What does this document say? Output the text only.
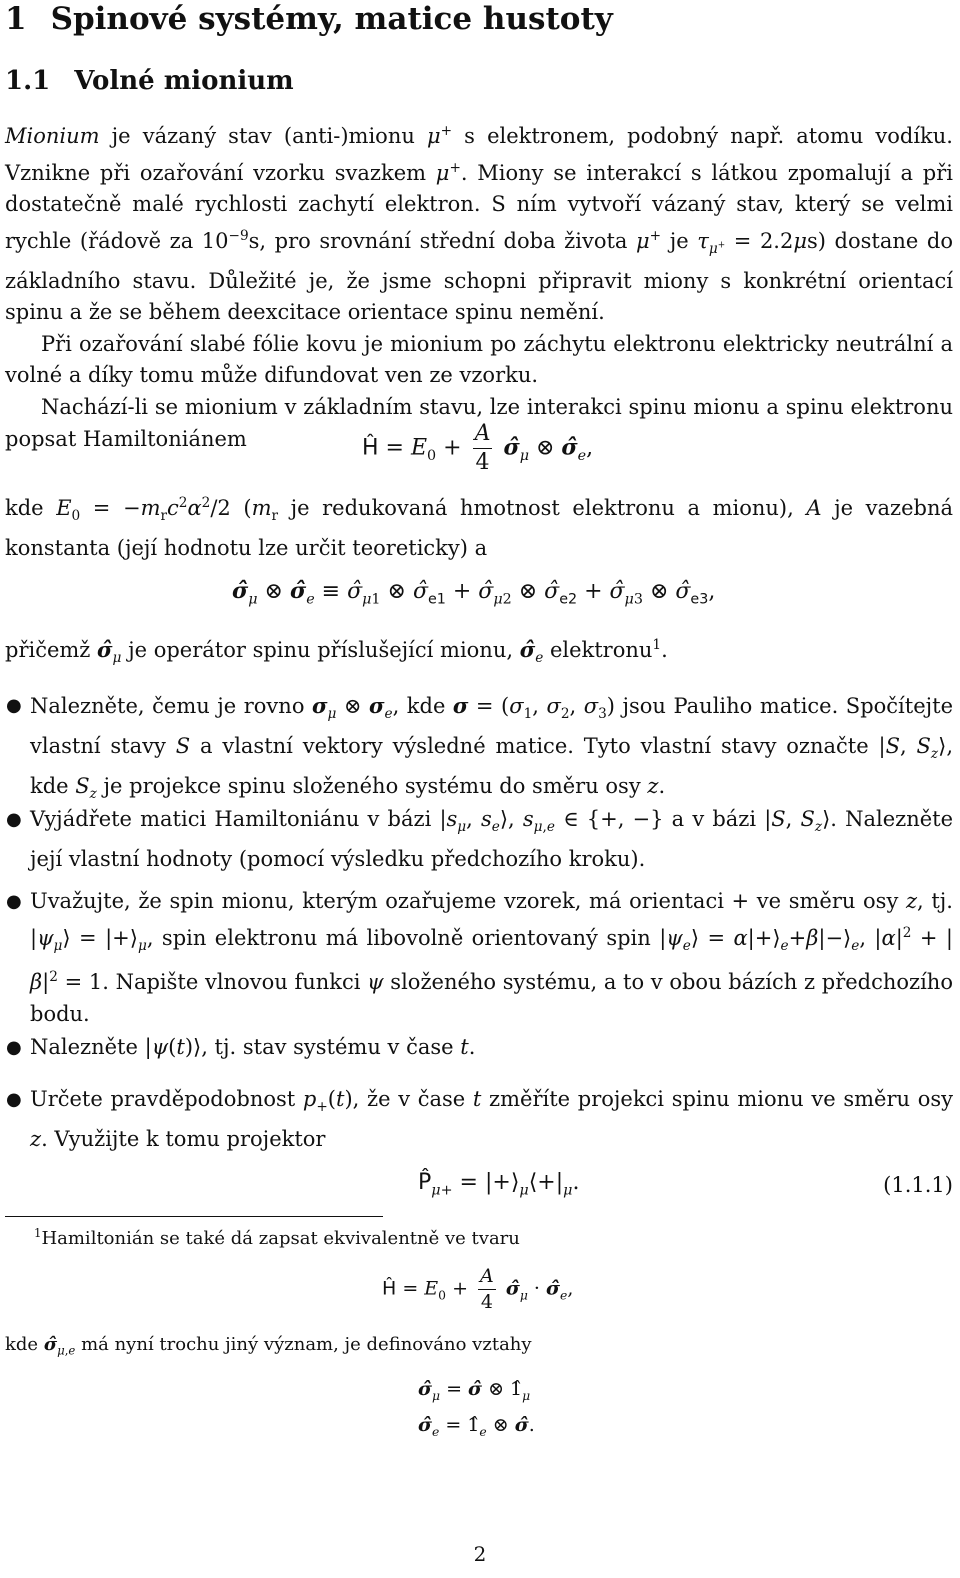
1 Spinové systémy, matice hustoty
1.1 Volné mionium

Mionium je vázaný stav (anti-)mionu μ+ s elektronem, podobný např. atomu vodíku. Vznikne při ozařování vzorku svazkem μ+. Miony se interakcí s látkou zpomalují a při dostatečně malé rychlosti zachytí elektron. S ním vytvoří vázaný stav, který se velmi rychle (řádově za $10^{-9}s$, pro srovnání střední doba života μ+ je $\tau_{\mu^+} = 2.2\mu s$) dostane do základního stavu. Důležité je, že jsme schopni připravit miony s konkrétní orientací spinu a že se během deexcitace orientace spinu nemění.

Při ozařování slabé fólie kovu je mionium po záchytu elektronu elektricky neutrální a volné a díky tomu může difundovat ven ze vzorku.

Nachází-li se mionium v základním stavu, lze interakci spinu mionu a spinu elektronu popsat Hamiltoniánem	Ĥ = $E_0 + \frac{A}{4}$ $\sigmâ_\mu$ ⊗ $\sigmâ_e$,

kde $E_0 = -m_rc^2\alpha^2/2$ ($m_r$ je redukovaná hmotnost elektronu a mionu), A je vazebná konstanta (její hodnotu lze určit teoreticky) a

$\sigmâ_\mu$ ⊗ $\sigmâ_e$ ≡ $\sigmâ_{\mu 1}$ ⊗ $\sigmâ_{e1}$ + $\sigmâ_{\mu 2}$ ⊗ $\sigmâ_{e2}$ + $\sigmâ_{\mu 3}$ ⊗ $\sigmâ_{e3}$,

přičemž $\sigmâ_\mu$ je operátor spinu příslušející mionu, $\sigmâ_e$ elektronu$^1$.

● Nalezněte, čemu je rovno $\sigma_\mu$ ⊗ $\sigma_e$, kde $\sigma = (\sigma_1$, $\sigma_2$, $\sigma_3$) jsou Pauliho matice. Spočítejte vlastní stavy S a vlastní vektory výsledné matice. Tyto vlastní stavy označte |S, $S_z⟩$, kde $S_z$ je projekce spinu složeného systému do směru osy z.
● Vyjádřete matici Hamiltoniánu v bázi $|s_\mu$, $s_e⟩$, $s_{\mu,e}$ ∈ {+, −} a v bázi |S, $S_z⟩$. Nalezněte její vlastní hodnoty (pomocí výsledku předchozího kroku).
● Uvažujte, že spin mionu, kterým ozařujeme vzorek, má orientaci + ve směru osy z, tj. $|\psi_\mu⟩$ = $|+⟩_\mu$, spin elektronu má libovolně orientovaný spin $|\psi_e⟩$ = $\alpha|+⟩_e+\beta|-⟩_e$, $|\alpha|^2 + |\beta|^2 = 1$. Napište vlnovou funkci ψ složeného systému, a to v obou bázích z předchozího bodu.
● Nalezněte |ψ(t)⟩, tj. stav systému v čase t.
● Určete pravděpodobnost $p_+(t)$, že v čase t změříte projekci spinu mionu ve směru osy z. Využijte k tomu projektor
$P̂_{\mu+}$ = $|+⟩_\mu⟨+|_\mu$.	(1.1.1)
$^1$Hamiltonián se také dá zapsat ekvivalentně ve tvaru
Ĥ = $E_0 + \frac{A}{4}$ $\sigmâ_\mu$ · $\sigmâ_e$,
kde $\sigmâ_{\mu,e}$ má nyní trochu jiný význam, je definováno vztahy
$\sigmâ_\mu$ = σ̂ ⊗ $1̂_\mu$
$\sigmâ_e$ = $1̂_e$ ⊗ σ̂.
2
